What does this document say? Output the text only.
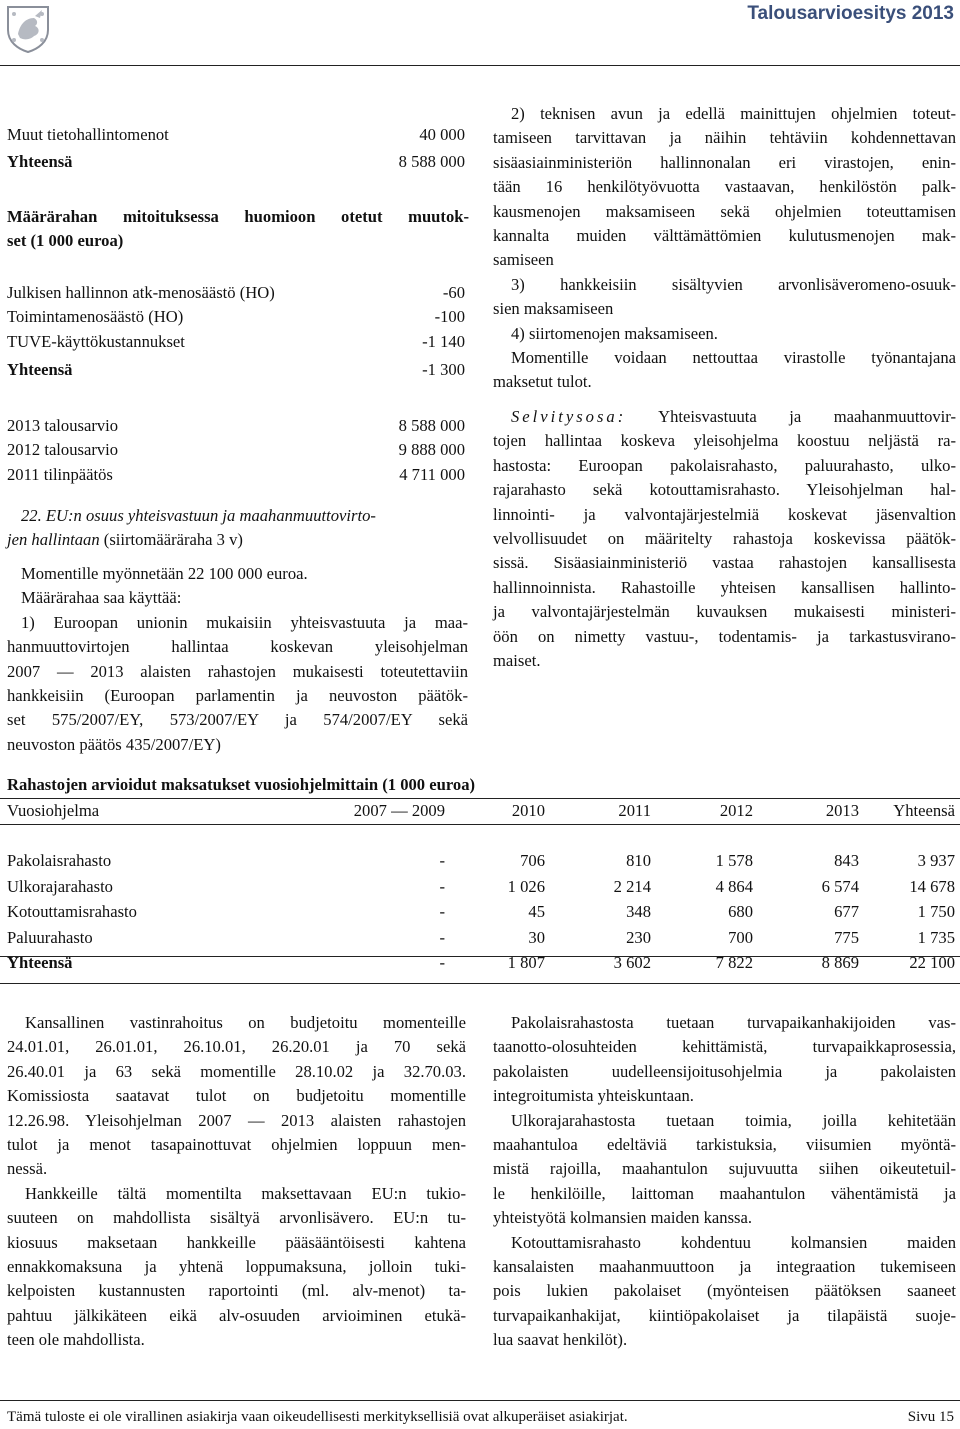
Talousarvioesitys 2013
Muut tietohallintomenot	40 000
Yhteensä	8 588 000
Määrärahan mitoituksessa huomioon otetut muutok-
set (1 000 euroa)
Julkisen hallinnon atk-menosäästö (HO)	-60
Toimintamenosäästö (HO)	-100
TUVE-käyttökustannukset	-1 140
Yhteensä	-1 300
2013 talousarvio	8 588 000
2012 talousarvio	9 888 000
2011 tilinpäätös	4 711 000
22. EU:n osuus yhteisvastuun ja maahanmuuttovirto-
jen hallintaan (siirtomääräraha 3 v)
Momentille myönnetään 22 100 000 euroa.
Määrärahaa saa käyttää:
1) Euroopan unionin mukaisiin yhteisvastuuta ja maa-
hanmuuttovirtojen hallintaa koskevan yleisohjelman
2007 — 2013 alaisten rahastojen mukaisesti toteutettaviin
hankkeisiin (Euroopan parlamentin ja neuvoston päätök-
set 575/2007/EY, 573/2007/EY ja 574/2007/EY sekä
neuvoston päätös 435/2007/EY)
2) teknisen avun ja edellä mainittujen ohjelmien toteut-
tamiseen tarvittavan ja näihin tehtäviin kohdennettavan
sisäasiainministeriön hallinnonalan eri virastojen, enin-
tään 16 henkilötyövuotta vastaavan, henkilöstön palk-
kausmenojen maksamiseen sekä ohjelmien toteuttamisen
kannalta muiden välttämättömien kulutusmenojen mak-
samiseen
3) hankkeisiin sisältyvien arvonlisäveromeno-osuuk-
sien maksamiseen
4) siirtomenojen maksamiseen.
Momentille voidaan nettouttaa virastolle työnantajana
maksetut tulot.
Selvitysosa: Yhteisvastuuta ja maahanmuuttovir-
tojen hallintaa koskeva yleisohjelma koostuu neljästä ra-
hastosta: Euroopan pakolaisrahasto, paluurahasto, ulko-
rajarahasto sekä kotouttamisrahasto. Yleisohjelman hal-
linnointi- ja valvontajärjestelmiä koskevat jäsenvaltion
velvollisuudet on määritelty rahastoja koskevissa päätök-
sissä. Sisäasiainministeriö vastaa rahastojen kansallisesta
hallinnoinnista. Rahastoille yhteisen kansallisen hallinto-
ja valvontajärjestelmän kuvauksen mukaisesti ministeri-
öön on nimetty vastuu-, todentamis- ja tarkastusvirano-
maiset.
Rahastojen arvioidut maksatukset vuosiohjelmittain (1 000 euroa)
Vuosiohjelma	2007 — 2009	2010	2011	2012	2013	Yhteensä

Pakolaisrahasto	-	706	810	1 578	843	3 937
Ulkorajarahasto	-	1 026	2 214	4 864	6 574	14 678
Kotouttamisrahasto	-	45	348	680	677	1 750
Paluurahasto	-	30	230	700	775	1 735
Yhteensä	-	1 807	3 602	7 822	8 869	22 100
Kansallinen vastinrahoitus on budjetoitu momenteille
24.01.01, 26.01.01, 26.10.01, 26.20.01 ja 70 sekä
26.40.01 ja 63 sekä momentille 28.10.02 ja 32.70.03.
Komissiosta saatavat tulot on budjetoitu momentille
12.26.98. Yleisohjelman 2007 — 2013 alaisten rahastojen
tulot ja menot tasapainottuvat ohjelmien loppuun men-
nessä.
Hankkeille tältä momentilta maksettavaan EU:n tukio-
suuteen on mahdollista sisältyä arvonlisävero. EU:n tu-
kiosuus maksetaan hankkeille pääsääntöisesti kahtena
ennakkomaksuna ja yhtenä loppumaksuna, jolloin tuki-
kelpoisten kustannusten raportointi (ml. alv-menot) ta-
pahtuu jälkikäteen eikä alv-osuuden arvioiminen etukä-
teen ole mahdollista.
Pakolaisrahastosta tuetaan turvapaikanhakijoiden vas-
taanotto-olosuhteiden kehittämistä, turvapaikkaprosessia,
pakolaisten uudelleensijoitusohjelmia ja pakolaisten
integroitumista yhteiskuntaan.
Ulkorajarahastosta tuetaan toimia, joilla kehitetään
maahantuloa edeltäviä tarkistuksia, viisumien myöntä-
mistä rajoilla, maahantulon sujuvuutta siihen oikeutetuil-
le henkilöille, laittoman maahantulon vähentämistä ja
yhteistyötä kolmansien maiden kanssa.
Kotouttamisrahasto kohdentuu kolmansien maiden
kansalaisten maahanmuuttoon ja integraation tukemiseen
pois lukien pakolaiset (myönteisen päätöksen saaneet
turvapaikanhakijat, kiintiöpakolaiset ja tilapäistä suoje-
lua saavat henkilöt).
Tämä tuloste ei ole virallinen asiakirja vaan oikeudellisesti merkityksellisiä ovat alkuperäiset asiakirjat.	Sivu 15
